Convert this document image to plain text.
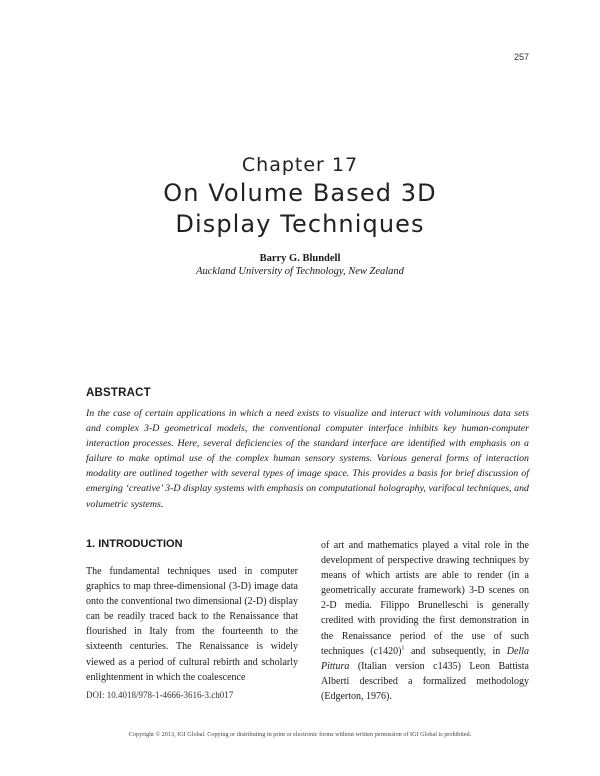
257
Chapter 17
On Volume Based 3D
Display Techniques
Barry G. Blundell
Auckland University of Technology, New Zealand
ABSTRACT
In the case of certain applications in which a need exists to visualize and interact with voluminous data sets and complex 3-D geometrical models, the conventional computer interface inhibits key human-computer interaction processes. Here, several deficiencies of the standard interface are identified with emphasis on a failure to make optimal use of the complex human sensory systems. Various general forms of interaction modality are outlined together with several types of image space. This provides a basis for brief discussion of emerging ‘creative’ 3-D display systems with emphasis on computational holography, varifocal techniques, and volumetric systems.
1. INTRODUCTION
The fundamental techniques used in computer graphics to map three-dimensional (3-D) image data onto the conventional two dimensional (2-D) display can be readily traced back to the Renaissance that flourished in Italy from the fourteenth to the sixteenth centuries. The Renaissance is widely viewed as a period of cultural rebirth and scholarly enlightenment in which the coalescence
of art and mathematics played a vital role in the development of perspective drawing techniques by means of which artists are able to render (in a geometrically accurate framework) 3-D scenes on 2-D media. Filippo Brunelleschi is generally credited with providing the first demonstration in the Renaissance period of the use of such techniques $(c1420)^1$ and subsequently, in Della Pittura (Italian version c1435) Leon Battista Alberti described a formalized methodology (Edgerton, 1976).
DOI: 10.4018/978-1-4666-3616-3.ch017
Copyright © 2013, IGI Global. Copying or distributing in print or electronic forms without written permission of IGI Global is prohibited.
